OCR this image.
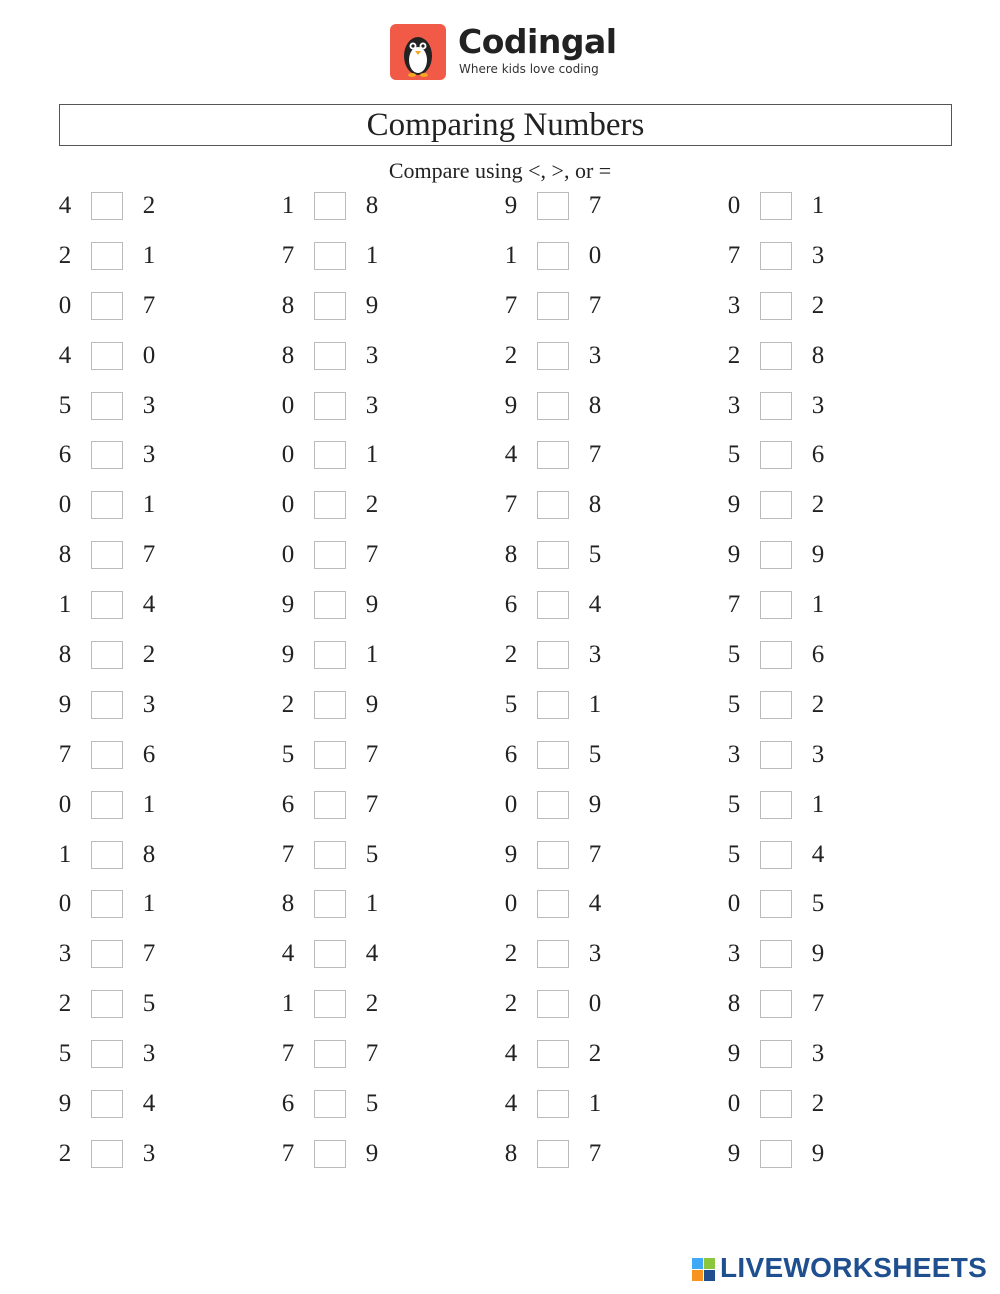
Codingal
Where kids love coding
Comparing Numbers
Compare using <, >, or =
4	2	1	8	9	7	0	1
2	1	7	1	1	0	7	3
0	7	8	9	7	7	3	2
4	0	8	3	2	3	2	8
5	3	0	3	9	8	3	3
6	3	0	1	4	7	5	6
0	1	0	2	7	8	9	2
8	7	0	7	8	5	9	9
1	4	9	9	6	4	7	1
8	2	9	1	2	3	5	6
9	3	2	9	5	1	5	2
7	6	5	7	6	5	3	3
0	1	6	7	0	9	5	1
1	8	7	5	9	7	5	4
0	1	8	1	0	4	0	5
3	7	4	4	2	3	3	9
2	5	1	2	2	0	8	7
5	3	7	7	4	2	9	3
9	4	6	5	4	1	0	2
2	3	7	9	8	7	9	9
LIVEWORKSHEETS
